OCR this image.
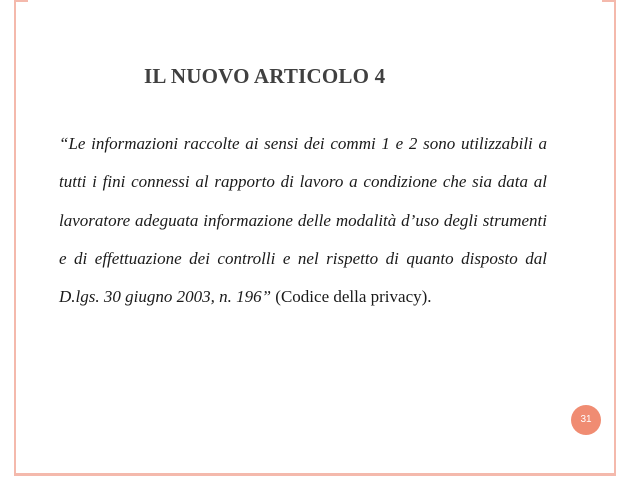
IL NUOVO ARTICOLO 4
“Le informazioni raccolte ai sensi dei commi 1 e 2 sono utilizzabili a tutti i fini connessi al rapporto di lavoro a condizione che sia data al lavoratore adeguata informazione delle modalità d’uso degli strumenti e di effettuazione dei controlli e nel rispetto di quanto disposto dal D.lgs. 30 giugno 2003, n. 196” (Codice della privacy).
31
